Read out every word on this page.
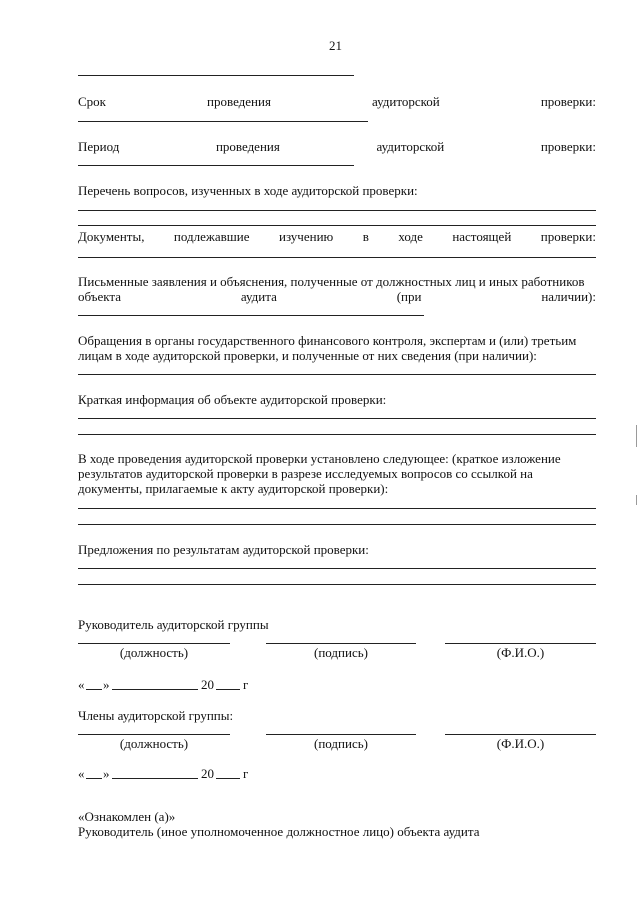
21
Срок	проведения	аудиторской	проверки:
Период	проведения	аудиторской	проверки:
Перечень вопросов, изученных в ходе аудиторской проверки:
Документы, подлежавшие изучению в ходе настоящей проверки:
Письменные заявления и объяснения, полученные от должностных лиц и иных работников
объекта	аудита	(при	наличии):
Обращения в органы государственного финансового контроля, экспертам и (или) третьим
лицам в ходе аудиторской проверки, и полученные от них сведения (при наличии):
Краткая информация об объекте аудиторской проверки:
В ходе проведения аудиторской проверки установлено следующее: (краткое изложение
результатов аудиторской проверки в разрезе исследуемых вопросов со ссылкой на
документы, прилагаемые к акту аудиторской проверки):
Предложения по результатам аудиторской проверки:
Руководитель аудиторской группы
(должность)	(подпись)	(Ф.И.О.)
« »	20 г
Члены аудиторской группы:
(должность)	(подпись)	(Ф.И.О.)
« »	20 г
«Ознакомлен (а)»
Руководитель (иное уполномоченное должностное лицо) объекта аудита
